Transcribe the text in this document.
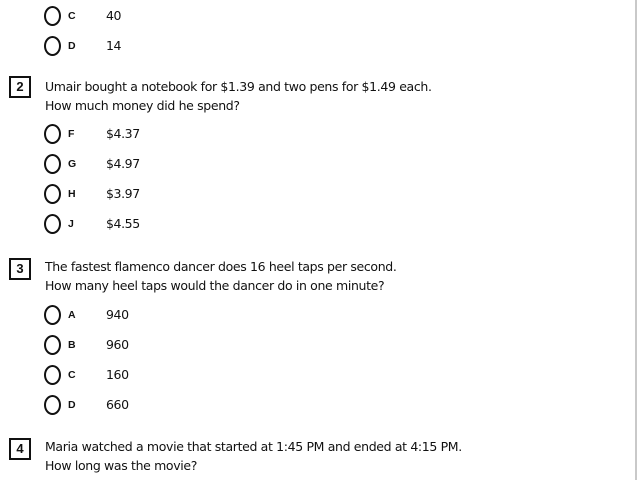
C 40
D 14
2	Umair bought a notebook for $1.39 and two pens for $1.49 each.
How much money did he spend?
F	$4.37
G $4.97
H $3.97
J	$4.55
3	The fastest flamenco dancer does 16 heel taps per second.
How many heel taps would the dancer do in one minute?
A 940
B 960
C 160
D 660
4	Maria watched a movie that started at 1:45 PM and ended at 4:15 PM.
How long was the movie?
